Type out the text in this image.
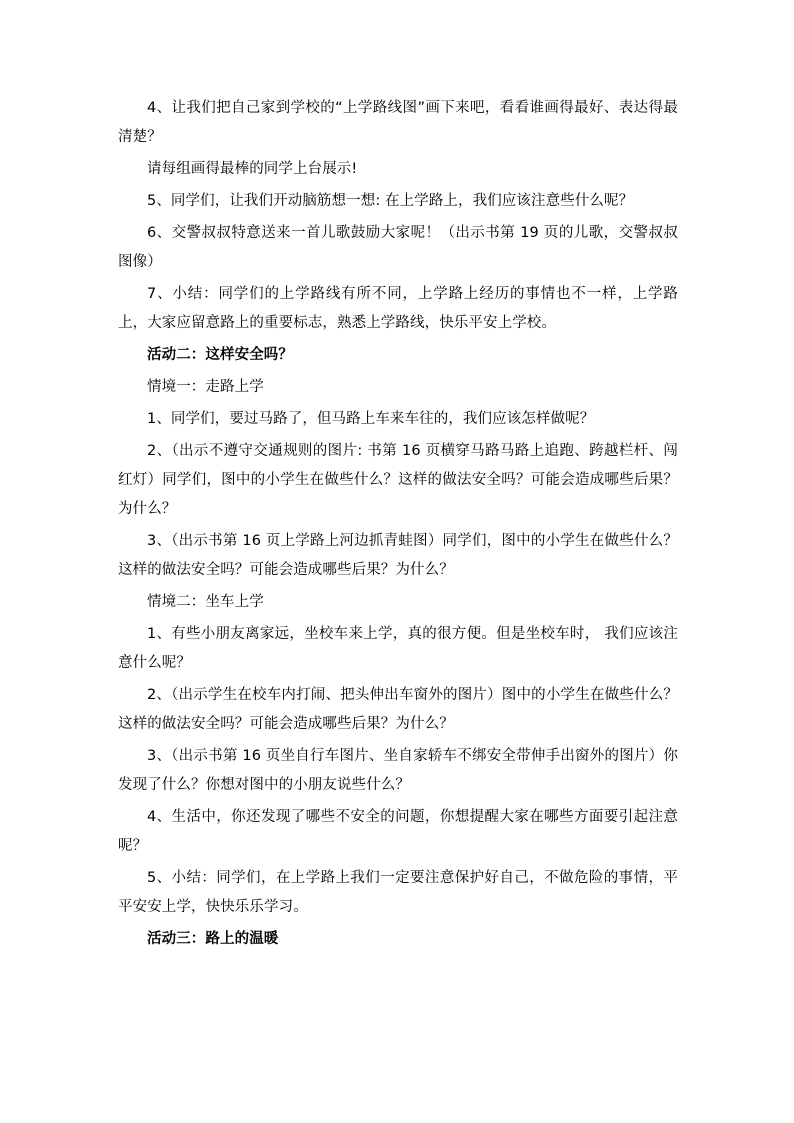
4、让我们把自己家到学校的“上学路线图”画下来吧，看看谁画得最好、表达得最清楚？

请每组画得最棒的同学上台展示!

5、同学们，让我们开动脑筋想一想: 在上学路上，我们应该注意些什么呢？

6、交警叔叔特意送来一首儿歌鼓励大家呢！（出示书第 19 页的儿歌，交警叔叔图像）

7、小结：同学们的上学路线有所不同，上学路上经历的事情也不一样，上学路上，大家应留意路上的重要标志，熟悉上学路线，快乐平安上学校。

活动二：这样安全吗？

情境一：走路上学

1、同学们，要过马路了，但马路上车来车往的，我们应该怎样做呢？

2、（出示不遵守交通规则的图片: 书第 16 页横穿马路马路上追跑、跨越栏杆、闯红灯）同学们，图中的小学生在做些什么？这样的做法安全吗？可能会造成哪些后果？为什么？

3、（出示书第 16 页上学路上河边抓青蛙图）同学们，图中的小学生在做些什么？这样的做法安全吗？可能会造成哪些后果？为什么？

情境二：坐车上学

1、有些小朋友离家远，坐校车来上学，真的很方便。但是坐校车时， 我们应该注意什么呢？

2、（出示学生在校车内打闹、把头伸出车窗外的图片）图中的小学生在做些什么？这样的做法安全吗？可能会造成哪些后果？为什么？

3、（出示书第 16 页坐自行车图片、坐自家轿车不绑安全带伸手出窗外的图片）你发现了什么？你想对图中的小朋友说些什么？

4、生活中，你还发现了哪些不安全的问题，你想提醒大家在哪些方面要引起注意呢？

5、小结：同学们，在上学路上我们一定要注意保护好自己，不做危险的事情，平平安安上学，快快乐乐学习。

活动三：路上的温暖
